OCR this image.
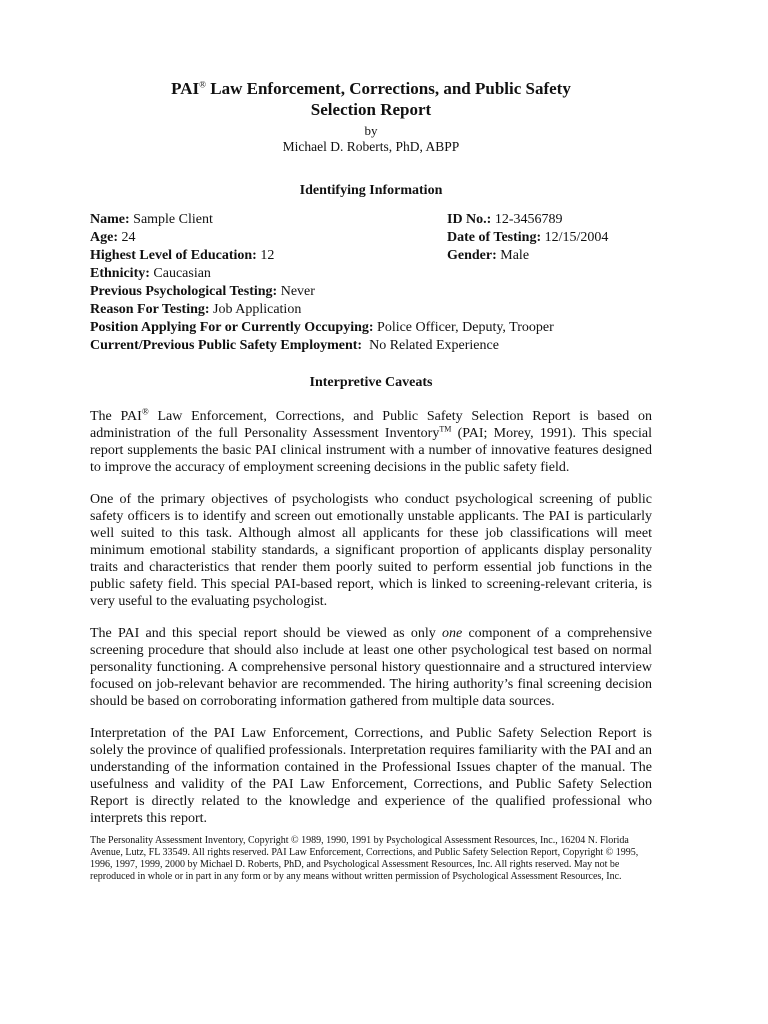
PAI® Law Enforcement, Corrections, and Public Safety
Selection Report
by
Michael D. Roberts, PhD, ABPP
Identifying Information
Name: Sample Client	ID No.: 12-3456789
Age: 24	Date of Testing: 12/15/2004
Highest Level of Education: 12	Gender: Male
Ethnicity: Caucasian
Previous Psychological Testing: Never
Reason For Testing: Job Application
Position Applying For or Currently Occupying: Police Officer, Deputy, Trooper
Current/Previous Public Safety Employment:  No Related Experience
Interpretive Caveats

The PAI® Law Enforcement, Corrections, and Public Safety Selection Report is based on administration of the full Personality Assessment Inventory™ (PAI; Morey, 1991). This special report supplements the basic PAI clinical instrument with a number of innovative features designed to improve the accuracy of employment screening decisions in the public safety field.

One of the primary objectives of psychologists who conduct psychological screening of public safety officers is to identify and screen out emotionally unstable applicants. The PAI is particularly well suited to this task. Although almost all applicants for these job classifications will meet minimum emotional stability standards, a significant proportion of applicants display personality traits and characteristics that render them poorly suited to perform essential job functions in the public safety field. This special PAI-based report, which is linked to screening-relevant criteria, is very useful to the evaluating psychologist.

The PAI and this special report should be viewed as only one component of a comprehensive screening procedure that should also include at least one other psychological test based on normal personality functioning. A comprehensive personal history questionnaire and a structured interview focused on job-relevant behavior are recommended. The hiring authority’s final screening decision should be based on corroborating information gathered from multiple data sources.

Interpretation of the PAI Law Enforcement, Corrections, and Public Safety Selection Report is solely the province of qualified professionals. Interpretation requires familiarity with the PAI and an understanding of the information contained in the Professional Issues chapter of the manual. The usefulness and validity of the PAI Law Enforcement, Corrections, and Public Safety Selection Report is directly related to the knowledge and experience of the qualified professional who interprets this report.

The Personality Assessment Inventory, Copyright © 1989, 1990, 1991 by Psychological Assessment Resources, Inc., 16204 N. Florida Avenue, Lutz, FL 33549. All rights reserved. PAI Law Enforcement, Corrections, and Public Safety Selection Report, Copyright © 1995, 1996, 1997, 1999, 2000 by Michael D. Roberts, PhD, and Psychological Assessment Resources, Inc. All rights reserved. May not be reproduced in whole or in part in any form or by any means without written permission of Psychological Assessment Resources, Inc.
